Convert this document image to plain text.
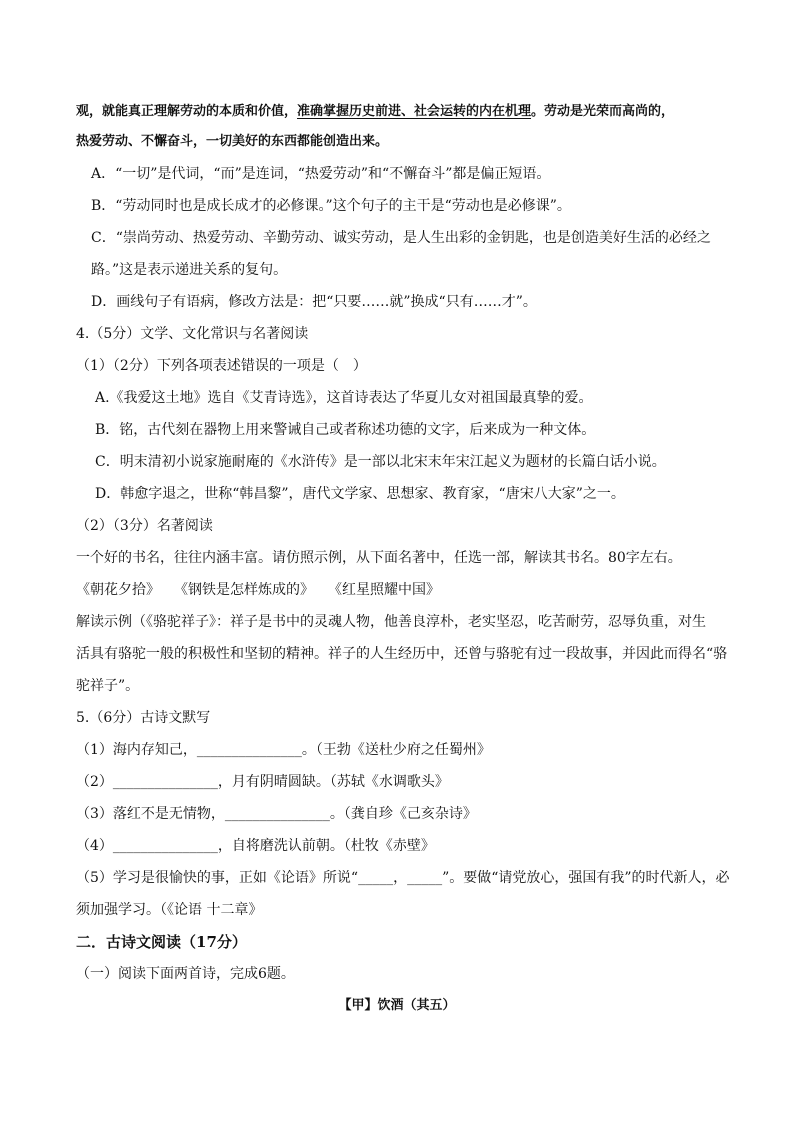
观，就能真正理解劳动的本质和价值，准确掌握历史前进、社会运转的内在机理。劳动是光荣而高尚的，
热爱劳动、不懈奋斗，一切美好的东西都能创造出来。
A．“一切”是代词，“而”是连词，“热爱劳动”和“不懈奋斗”都是偏正短语。
B．“劳动同时也是成长成才的必修课。”这个句子的主干是“劳动也是必修课”。
C．“崇尚劳动、热爱劳动、辛勤劳动、诚实劳动，是人生出彩的金钥匙，也是创造美好生活的必经之
路。”这是表示递进关系的复句。
D．画线句子有语病，修改方法是：把“只要……就”换成“只有……才”。
4.（5分）文学、文化常识与名著阅读
（1）（2分）下列各项表述错误的一项是（　）
A.《我爱这土地》选自《艾青诗选》，这首诗表达了华夏儿女对祖国最真挚的爱。
B．铭，古代刻在器物上用来警诫自己或者称述功德的文字，后来成为一种文体。
C．明末清初小说家施耐庵的《水浒传》是一部以北宋末年宋江起义为题材的长篇白话小说。
D．韩愈字退之，世称“韩昌黎”，唐代文学家、思想家、教育家，“唐宋八大家”之一。
（2）（3分）名著阅读
一个好的书名，往往内涵丰富。请仿照示例，从下面名著中，任选一部，解读其书名。80字左右。
《朝花夕拾》　　《钢铁是怎样炼成的》　　《红星照耀中国》
解读示例（《骆驼祥子》：祥子是书中的灵魂人物，他善良淳朴，老实坚忍，吃苦耐劳，忍辱负重，对生
活具有骆驼一般的积极性和坚韧的精神。祥子的人生经历中，还曾与骆驼有过一段故事，并因此而得名“骆
驼祥子”。
5.（6分）古诗文默写
（1）海内存知己，_______________。（王勃《送杜少府之任蜀州》
（2）_______________，月有阴晴圆缺。（苏轼《水调歌头》
（3）落红不是无情物，_______________。（龚自珍《己亥杂诗》
（4）_______________，自将磨洗认前朝。（杜牧《赤壁》
（5）学习是很愉快的事，正如《论语》所说“_____，_____”。要做“请党放心，强国有我”的时代新人，必
须加强学习。（《论语 十二章》
二．古诗文阅读（17分）
（一）阅读下面两首诗，完成6题。
【甲】饮酒（其五）
